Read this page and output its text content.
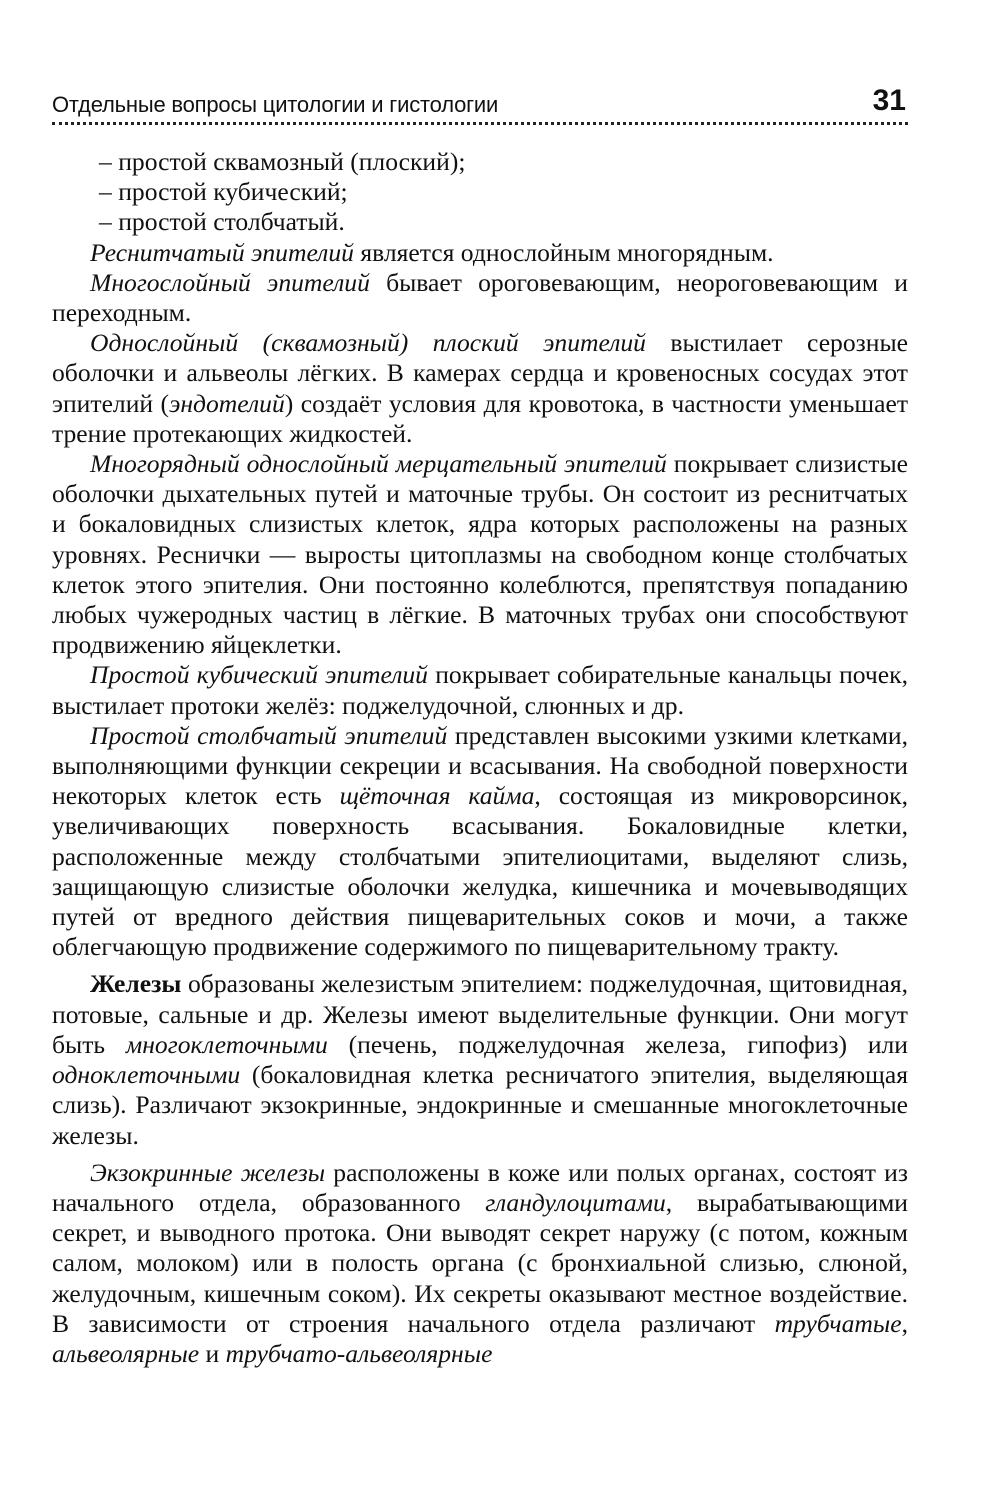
Отдельные вопросы цитологии и гистологии	31

– простой сквамозный (плоский);

– простой кубический;

– простой столбчатый.

Реснитчатый эпителий является однослойным многорядным.

Многослойный эпителий бывает ороговевающим, неороговевающим и переходным.

Однослойный (сквамозный) плоский эпителий выстилает серозные оболочки и альвеолы лёгких. В камерах сердца и кровеносных сосудах этот эпителий (эндотелий) создаёт условия для кровотока, в частности уменьшает трение протекающих жидкостей.

Многорядный однослойный мерцательный эпителий покрывает слизистые оболочки дыхательных путей и маточные трубы. Он состоит из реснитчатых и бокаловидных слизистых клеток, ядра которых расположены на разных уровнях. Реснички — выросты цитоплазмы на свободном конце столбчатых клеток этого эпителия. Они постоянно колеблются, препятствуя попаданию любых чужеродных частиц в лёгкие. В маточных трубах они способствуют продвижению яйцеклетки.

Простой кубический эпителий покрывает собирательные канальцы почек, выстилает протоки желёз: поджелудочной, слюнных и др.

Простой столбчатый эпителий представлен высокими узкими клетками, выполняющими функции секреции и всасывания. На свободной поверхности некоторых клеток есть щёточная кайма, состоящая из микроворсинок, увеличивающих поверхность всасывания. Бокаловидные клетки, расположенные между столбчатыми эпителиоцитами, выделяют слизь, защищающую слизистые оболочки желудка, кишечника и мочевыводящих путей от вредного действия пищеварительных соков и мочи, а также облегчающую продвижение содержимого по пищеварительному тракту.

Железы образованы железистым эпителием: поджелудочная, щитовидная, потовые, сальные и др. Железы имеют выделительные функции. Они могут быть многоклеточными (печень, поджелудочная железа, гипофиз) или одноклеточными (бокаловидная клетка ресничатого эпителия, выделяющая слизь). Различают экзокринные, эндокринные и смешанные многоклеточные железы.

Экзокринные железы расположены в коже или полых органах, состоят из начального отдела, образованного гландулоцитами, вырабатывающими секрет, и выводного протока. Они выводят секрет наружу (с потом, кожным салом, молоком) или в полость органа (с бронхиальной слизью, слюной, желудочным, кишечным соком). Их секреты оказывают местное воздействие. В зависимости от строения начального отдела различают трубчатые, альвеолярные и трубчато-альвеолярные
